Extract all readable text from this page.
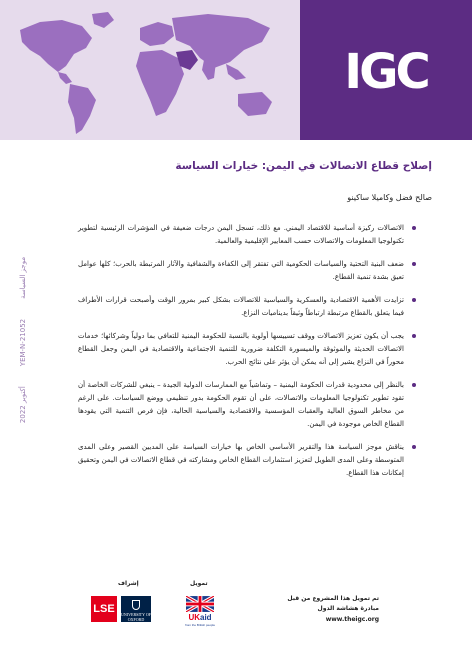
IGC
إصلاح قطاع الاتصالات في اليمن: خيارات السياسة
صالح فضل وكاميلا ساكينو
الاتصالات ركيزة أساسية للاقتصاد اليمني. مع ذلك، تسجل اليمن درجات ضعيفة في المؤشرات الرئيسية لتطوير تكنولوجيا المعلومات والاتصالات حسب المعايير الإقليمية والعالمية.
ضعف البنية التحتية والسياسات الحكومية التي تفتقر إلى الكفاءة والشفافية والآثار المرتبطة بالحرب؛ كلها عوامل تعيق بشدة تنمية القطاع.
تزايدت الأهمية الاقتصادية والعسكرية والسياسية للاتصالات بشكل كبير بمرور الوقت وأصبحت قرارات الأطراف فيما يتعلق بالقطاع مرتبطة ارتباطاً وثيقاً بديناميات النزاع.
يجب أن يكون تعزيز الاتصالات ووقف تسييسها أولوية بالنسبة للحكومة اليمنية للتعافي بما دولياً وشركائها؛ خدمات الاتصالات الحديثة والموثوقة والميسورة التكلفة ضرورية للتنمية الاجتماعية والاقتصادية في اليمن وجعل القطاع محوراً في النزاع يشير إلى أنه يمكن أن يؤثر على نتائج الحرب.
بالنظر إلى محدودية قدرات الحكومة اليمنية – وتماشياً مع الممارسات الدولية الجيدة – ينبغي للشركات الخاصة أن تقود تطوير تكنولوجيا المعلومات والاتصالات، على أن تقوم الحكومة بدور تنظيمي ووضع السياسات. على الرغم من مخاطر السوق العالية والعقبات المؤسسية والاقتصادية والسياسية الحالية، فإن فرص التنمية التي يقودها القطاع الخاص موجودة في اليمن.
يناقش موجز السياسة هذا والتقرير الأساسي الخاص بها خيارات السياسة على المديين القصير وعلى المدى المتوسطة وعلى المدى الطويل لتعزيز استثمارات القطاع الخاص ومشاركته في قطاع الاتصالات في اليمن وتحقيق إمكانات هذا القطاع.
موجز السياسة
21052-YEM-N
أكتوبر 2022
إشراف	تمويل
LSE	UNIVERSITY OF OXFORD	UKaid
from the British people
تم تمويل هذا المشروع من قبل
مبادرة هشاشة الدول
www.theigc.org
